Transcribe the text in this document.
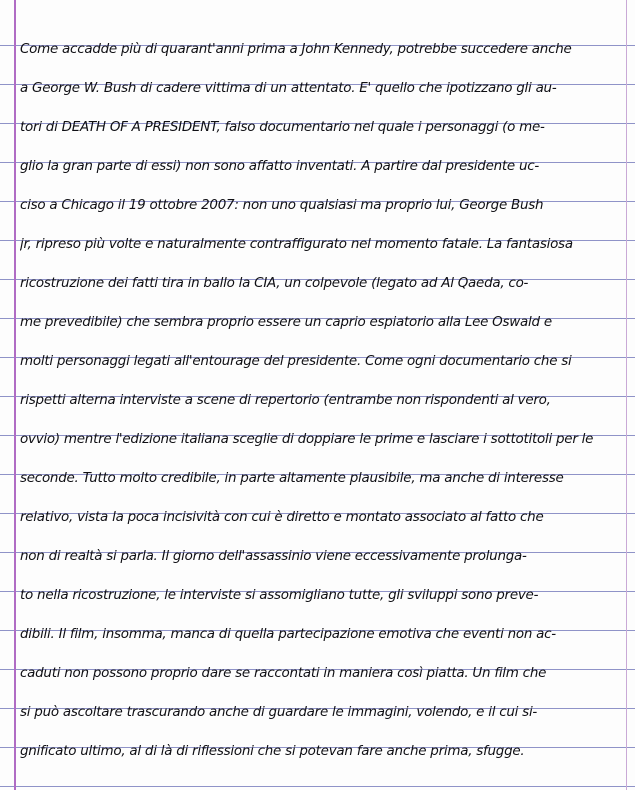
Come accadde più di quarant'anni prima a John Kennedy, potrebbe succedere anche
a George W. Bush di cadere vittima di un attentato. E' quello che ipotizzano gli au-
tori di DEATH OF A PRESIDENT, falso documentario nel quale i personaggi (o me-
glio la gran parte di essi) non sono affatto inventati. A partire dal presidente uc-
ciso a Chicago il 19 ottobre 2007: non uno qualsiasi ma proprio lui, George Bush
jr, ripreso più volte e naturalmente contraffigurato nel momento fatale. La fantasiosa
ricostruzione dei fatti tira in ballo la CIA, un colpevole (legato ad Al Qaeda, co-
me prevedibile) che sembra proprio essere un caprio espiatorio alla Lee Oswald e
molti personaggi legati all'entourage del presidente. Come ogni documentario che si
rispetti alterna interviste a scene di repertorio (entrambe non rispondenti al vero,
ovvio) mentre l'edizione italiana sceglie di doppiare le prime e lasciare i sottotitoli per le
seconde. Tutto molto credibile, in parte altamente plausibile, ma anche di interesse
relativo, vista la poca incisività con cui è diretto e montato associato al fatto che
non di realtà si parla. Il giorno dell'assassinio viene eccessivamente prolunga-
to nella ricostruzione, le interviste si assomigliano tutte, gli sviluppi sono preve-
dibili. Il film, insomma, manca di quella partecipazione emotiva che eventi non ac-
caduti non possono proprio dare se raccontati in maniera così piatta. Un film che
si può ascoltare trascurando anche di guardare le immagini, volendo, e il cui si-
gnificato ultimo, al di là di riflessioni che si potevan fare anche prima, sfugge.
